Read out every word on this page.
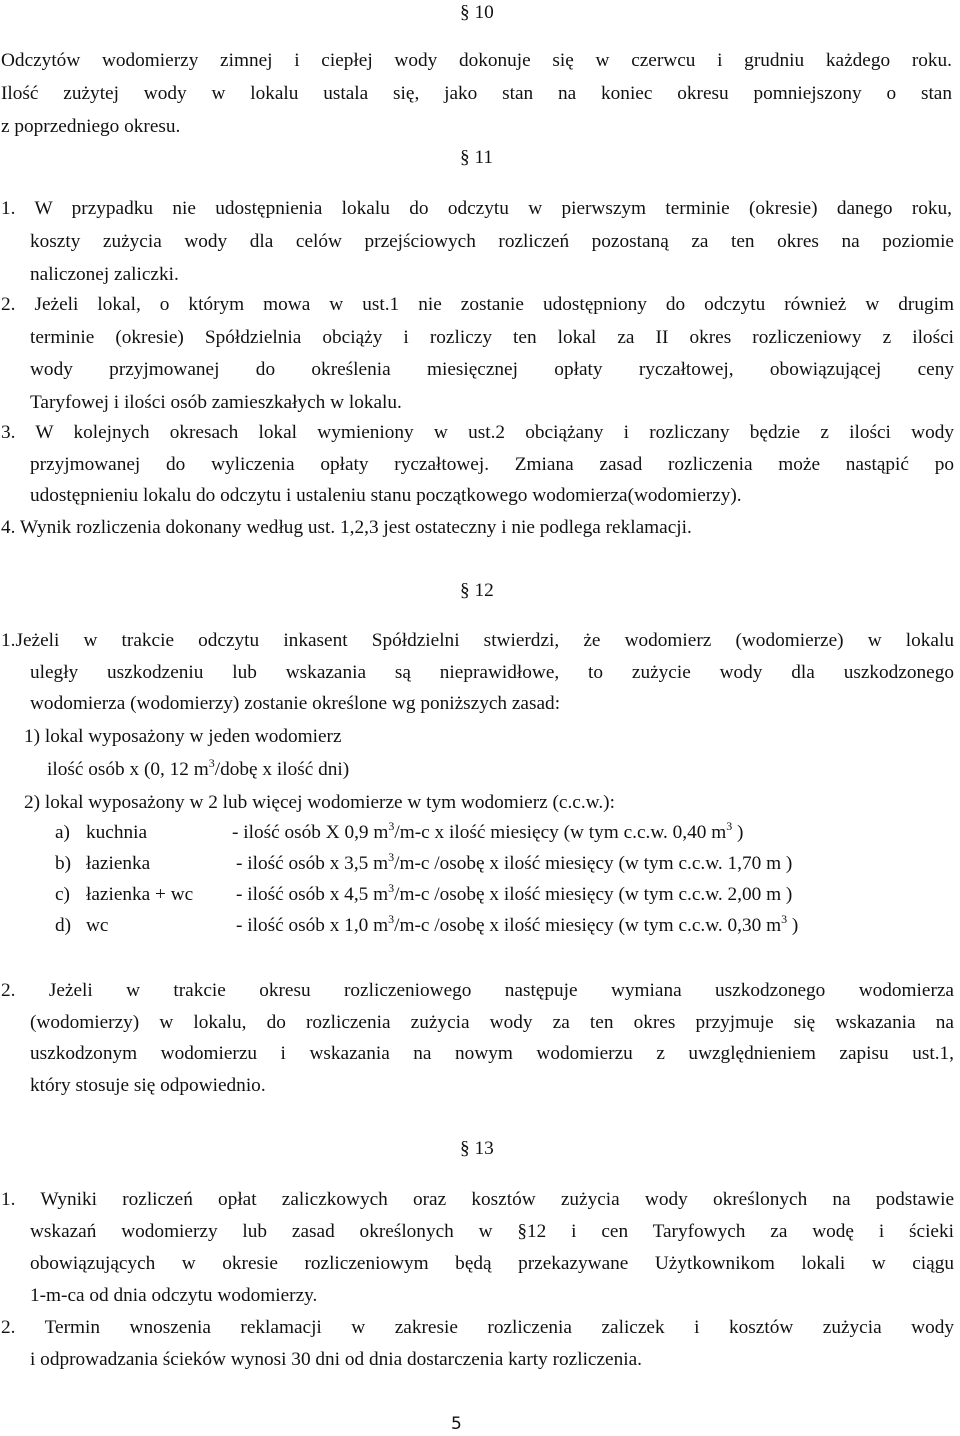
§ 10

Odczytów wodomierzy zimnej i ciepłej wody dokonuje się w czerwcu i grudniu każdego roku.

Ilość zużytej wody w lokalu ustala się, jako stan na koniec okresu pomniejszony o stan

z poprzedniego okresu.

§ 11

1. W przypadku nie udostępnienia lokalu do odczytu w pierwszym terminie (okresie) danego roku,

koszty zużycia wody dla celów przejściowych rozliczeń pozostaną za ten okres na poziomie

naliczonej zaliczki.

2. Jeżeli lokal, o którym mowa w ust.1 nie zostanie udostępniony do odczytu również w drugim

terminie (okresie) Spółdzielnia obciąży i rozliczy ten lokal za II okres rozliczeniowy z ilości

wody przyjmowanej do określenia miesięcznej opłaty ryczałtowej, obowiązującej ceny

Taryfowej i ilości osób zamieszkałych w lokalu.

3. W kolejnych okresach lokal wymieniony w ust.2 obciążany i rozliczany będzie z ilości wody

przyjmowanej do wyliczenia opłaty ryczałtowej. Zmiana zasad rozliczenia może nastąpić po

udostępnieniu lokalu do odczytu i ustaleniu stanu początkowego wodomierza(wodomierzy).

4. Wynik rozliczenia dokonany według ust. 1,2,3 jest ostateczny i nie podlega reklamacji.

§ 12

1.Jeżeli w trakcie odczytu inkasent Spółdzielni stwierdzi, że wodomierz (wodomierze) w lokalu

uległy uszkodzeniu lub wskazania są nieprawidłowe, to zużycie wody dla uszkodzonego

wodomierza (wodomierzy) zostanie określone wg poniższych zasad:

1) lokal wyposażony w jeden wodomierz

ilość osób x (0, 12 $m^3$/dobę x ilość dni)

2) lokal wyposażony w 2 lub więcej wodomierze w tym wodomierz (c.c.w.):

a) kuchnia	- ilość osób X 0,9 $m^3/m-c$ x ilość miesięcy (w tym c.c.w. 0,40 $m^3$ )

b) łazienka	- ilość osób x 3,5 $m^3/m-c$ /osobę x ilość miesięcy (w tym c.c.w. 1,70 m )

c) łazienka + wc - ilość osób x 4,5 $m^3/m-c$ /osobę x ilość miesięcy (w tym c.c.w. 2,00 m )

d) wc	- ilość osób x 1,0 $m^3/m-c$ /osobę x ilość miesięcy (w tym c.c.w. 0,30 $m^3$ )

2. Jeżeli w trakcie okresu rozliczeniowego następuje wymiana uszkodzonego wodomierza

(wodomierzy) w lokalu, do rozliczenia zużycia wody za ten okres przyjmuje się wskazania na

uszkodzonym wodomierzu i wskazania na nowym wodomierzu z uwzględnieniem zapisu ust.1,

który stosuje się odpowiednio.

§ 13

1. Wyniki rozliczeń opłat zaliczkowych oraz kosztów zużycia wody określonych na podstawie

wskazań wodomierzy lub zasad określonych w §12 i cen Taryfowych za wodę i ścieki

obowiązujących w okresie rozliczeniowym będą przekazywane Użytkownikom lokali w ciągu

1-m-ca od dnia odczytu wodomierzy.

2. Termin wnoszenia reklamacji w zakresie rozliczenia zaliczek i kosztów zużycia wody

i odprowadzania ścieków wynosi 30 dni od dnia dostarczenia karty rozliczenia.

5
